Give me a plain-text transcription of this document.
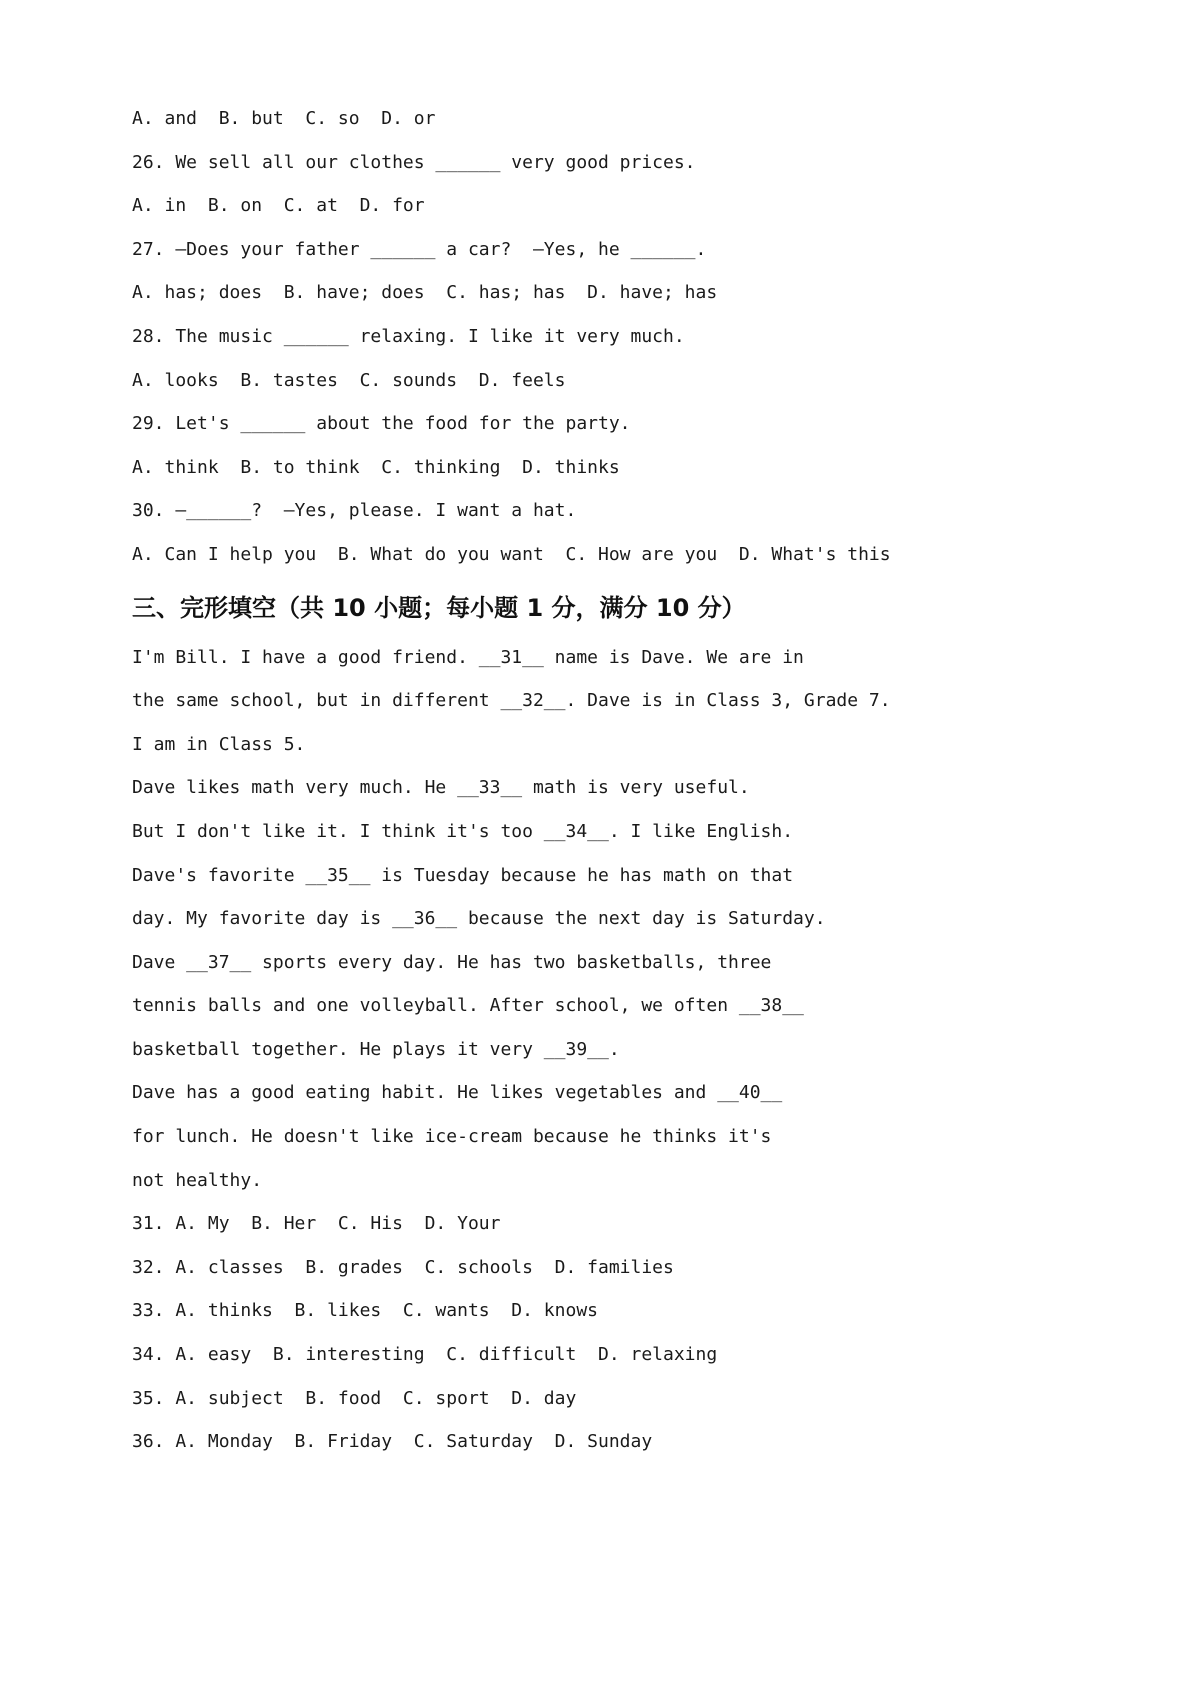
A. and  B. but  C. so  D. or
26. We sell all our clothes ______ very good prices.
A. in  B. on  C. at  D. for
27. —Does your father ______ a car?  —Yes, he ______.
A. has; does  B. have; does  C. has; has  D. have; has
28. The music ______ relaxing. I like it very much.
A. looks  B. tastes  C. sounds  D. feels
29. Let's ______ about the food for the party.
A. think  B. to think  C. thinking  D. thinks
30. —______?  —Yes, please. I want a hat.
A. Can I help you  B. What do you want  C. How are you  D. What's this
三、完形填空（共 10 小题；每小题 1 分，满分 10 分）
I'm Bill. I have a good friend. __31__ name is Dave. We are in
the same school, but in different __32__. Dave is in Class 3, Grade 7.
I am in Class 5.
Dave likes math very much. He __33__ math is very useful.
But I don't like it. I think it's too __34__. I like English.
Dave's favorite __35__ is Tuesday because he has math on that
day. My favorite day is __36__ because the next day is Saturday.
Dave __37__ sports every day. He has two basketballs, three
tennis balls and one volleyball. After school, we often __38__
basketball together. He plays it very __39__.
Dave has a good eating habit. He likes vegetables and __40__
for lunch. He doesn't like ice-cream because he thinks it's
not healthy.
31. A. My  B. Her  C. His  D. Your
32. A. classes  B. grades  C. schools  D. families
33. A. thinks  B. likes  C. wants  D. knows
34. A. easy  B. interesting  C. difficult  D. relaxing
35. A. subject  B. food  C. sport  D. day
36. A. Monday  B. Friday  C. Saturday  D. Sunday
